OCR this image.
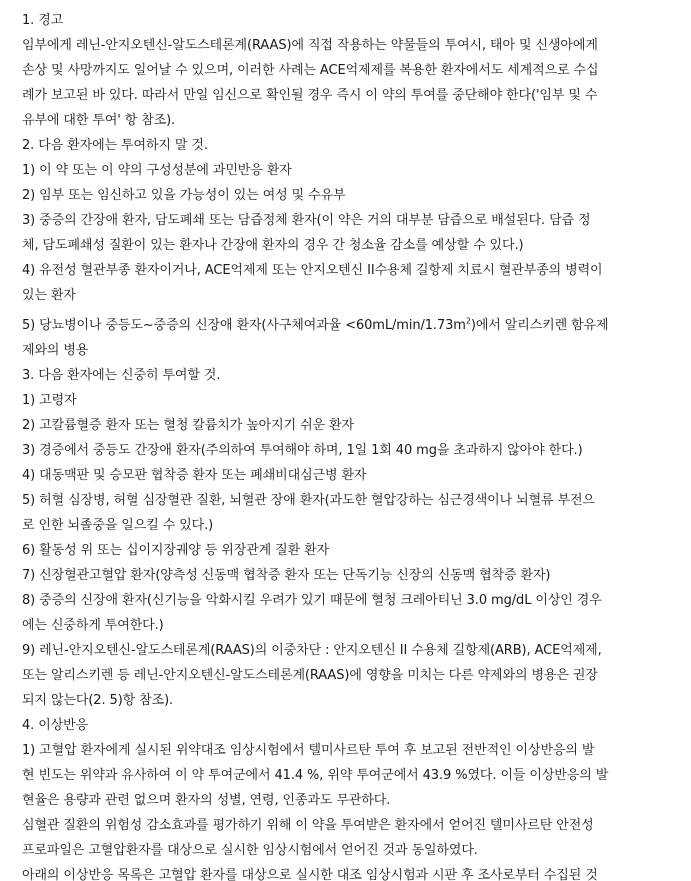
1. 경고
임부에게 레닌-안지오텐신-알도스테론계(RAAS)에 직접 작용하는 약물들의 투여시, 태아 및 신생아에게
손상 및 사망까지도 일어날 수 있으며, 이러한 사례는 ACE억제제를 복용한 환자에서도 세계적으로 수십
례가 보고된 바 있다. 따라서 만일 임신으로 확인될 경우 즉시 이 약의 투여를 중단해야 한다('임부 및 수
유부에 대한 투여' 항 참조).
2. 다음 환자에는 투여하지 말 것.
1) 이 약 또는 이 약의 구성성분에 과민반응 환자
2) 임부 또는 임신하고 있을 가능성이 있는 여성 및 수유부
3) 중증의 간장애 환자, 담도폐쇄 또는 담즙정체 환자(이 약은 거의 대부분 담즙으로 배설된다. 담즙 정
체, 담도폐쇄성 질환이 있는 환자나 간장애 환자의 경우 간 청소율 감소를 예상할 수 있다.)
4) 유전성 혈관부종 환자이거나, ACE억제제 또는 안지오텐신 II수용체 길항제 치료시 혈관부종의 병력이
있는 환자
5) 당뇨병이나 중등도~중증의 신장애 환자(사구체여과율 $<60mL/\min/1.73m^2$)에서 알리스키렌 함유제
제와의 병용
3. 다음 환자에는 신중히 투여할 것.
1) 고령자
2) 고칼륨혈증 환자 또는 혈청 칼륨치가 높아지기 쉬운 환자
3) 경증에서 중등도 간장애 환자(주의하여 투여해야 하며, 1일 1회 40 mg을 초과하지 않아야 한다.)
4) 대동맥판 및 승모판 협착증 환자 또는 폐쇄비대심근병 환자
5) 허혈 심장병, 허혈 심장혈관 질환, 뇌혈관 장애 환자(과도한 혈압강하는 심근경색이나 뇌혈류 부전으
로 인한 뇌졸중을 일으킬 수 있다.)
6) 활동성 위 또는 십이지장궤양 등 위장관계 질환 환자
7) 신장혈관고혈압 환자(양측성 신동맥 협착증 환자 또는 단독기능 신장의 신동맥 협착증 환자)
8) 중증의 신장애 환자(신기능을 악화시킬 우려가 있기 때문에 혈청 크레아티닌 3.0 mg/dL 이상인 경우
에는 신중하게 투여한다.)
9) 레닌-안지오텐신-알도스테론계(RAAS)의 이중차단 : 안지오텐신 II 수용체 길항제(ARB), ACE억제제,
또는 알리스키렌 등 레닌-안지오텐신-알도스테론계(RAAS)에 영향을 미치는 다른 약제와의 병용은 권장
되지 않는다(2. 5)항 참조).
4. 이상반응
1) 고혈압 환자에게 실시된 위약대조 임상시험에서 텔미사르탄 투여 후 보고된 전반적인 이상반응의 발
현 빈도는 위약과 유사하여 이 약 투여군에서 41.4 %, 위약 투여군에서 43.9 %였다. 이들 이상반응의 발
현율은 용량과 관련 없으며 환자의 성별, 연령, 인종과도 무관하다.
심혈관 질환의 위험성 감소효과를 평가하기 위해 이 약을 투여받은 환자에서 얻어진 텔미사르탄 안전성
프로파일은 고혈압환자를 대상으로 실시한 임상시험에서 얻어진 것과 동일하였다.
아래의 이상반응 목록은 고혈압 환자를 대상으로 실시한 대조 임상시험과 시판 후 조사로부터 수집된 것
